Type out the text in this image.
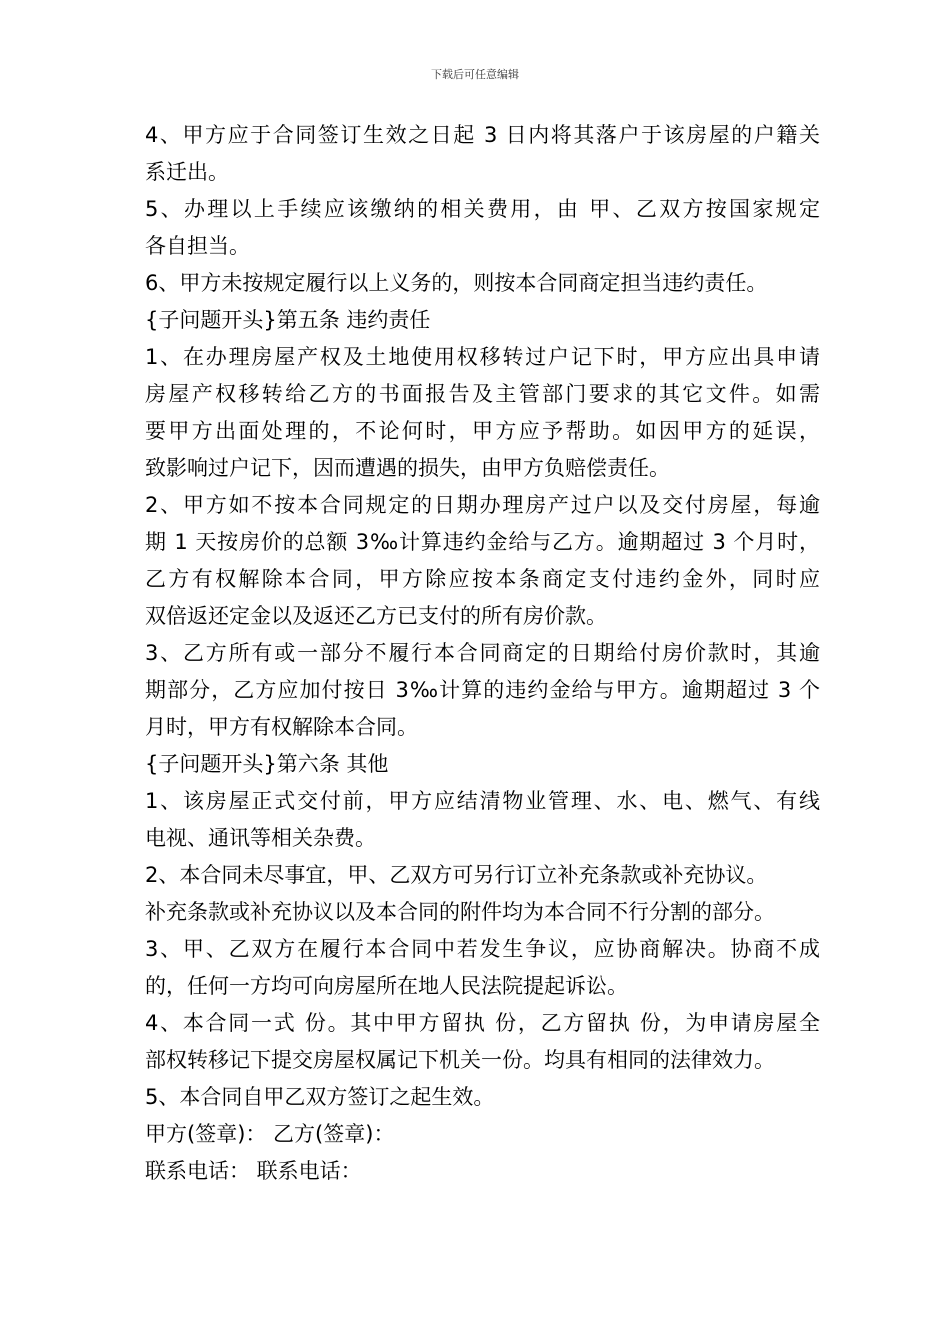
下载后可任意编辑
4、甲方应于合同签订生效之日起 3 日内将其落户于该房屋的户籍关
系迁出。
5、办理以上手续应该缴纳的相关费用，由 甲、乙双方按国家规定
各自担当。
6、甲方未按规定履行以上义务的，则按本合同商定担当违约责任。
{子问题开头}第五条 违约责任
1、在办理房屋产权及土地使用权移转过户记下时，甲方应出具申请
房屋产权移转给乙方的书面报告及主管部门要求的其它文件。如需
要甲方出面处理的，不论何时，甲方应予帮助。如因甲方的延误，
致影响过户记下，因而遭遇的损失，由甲方负赔偿责任。
2、甲方如不按本合同规定的日期办理房产过户以及交付房屋，每逾
期 1 天按房价的总额 3‰计算违约金给与乙方。逾期超过 3 个月时，
乙方有权解除本合同，甲方除应按本条商定支付违约金外，同时应
双倍返还定金以及返还乙方已支付的所有房价款。
3、乙方所有或一部分不履行本合同商定的日期给付房价款时，其逾
期部分，乙方应加付按日 3‰计算的违约金给与甲方。逾期超过 3 个
月时，甲方有权解除本合同。
{子问题开头}第六条 其他
1、该房屋正式交付前，甲方应结清物业管理、水、电、燃气、有线
电视、通讯等相关杂费。
2、本合同未尽事宜，甲、乙双方可另行订立补充条款或补充协议。
补充条款或补充协议以及本合同的附件均为本合同不行分割的部分。
3、甲、乙双方在履行本合同中若发生争议，应协商解决。协商不成
的，任何一方均可向房屋所在地人民法院提起诉讼。
4、本合同一式 份。其中甲方留执 份，乙方留执 份，为申请房屋全
部权转移记下提交房屋权属记下机关一份。均具有相同的法律效力。
5、本合同自甲乙双方签订之起生效。
甲方(签章)： 乙方(签章)：
联系电话： 联系电话：
